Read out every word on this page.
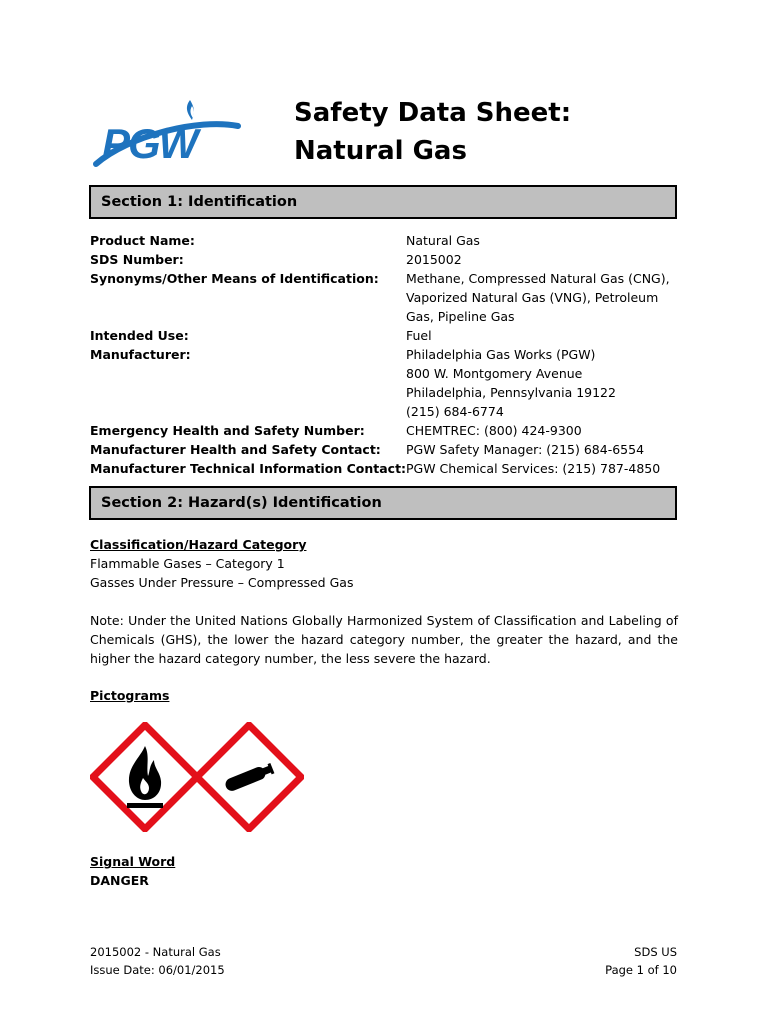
PGW
Safety Data Sheet:
Natural Gas
Section 1: Identification
Product Name:	Natural Gas
SDS Number:	2015002
Synonyms/Other Means of Identification: Methane, Compressed Natural Gas (CNG),
Vaporized Natural Gas (VNG), Petroleum
Gas, Pipeline Gas
Intended Use:	Fuel
Manufacturer:	Philadelphia Gas Works (PGW)
800 W. Montgomery Avenue
Philadelphia, Pennsylvania 19122
(215) 684-6774
Emergency Health and Safety Number:	CHEMTREC: (800) 424-9300
Manufacturer Health and Safety Contact: PGW Safety Manager: (215) 684-6554
Manufacturer Technical Information Contact: PGW Chemical Services: (215) 787-4850
Section 2: Hazard(s) Identification
Classification/Hazard Category
Flammable Gases – Category 1
Gasses Under Pressure – Compressed Gas
Note: Under the United Nations Globally Harmonized System of Classification and Labeling of Chemicals (GHS), the lower the hazard category number, the greater the hazard, and the higher the hazard category number, the less severe the hazard.
Pictograms
Signal Word
DANGER
2015002 - Natural Gas
Issue Date: 06/01/2015
SDS US
Page 1 of 10
